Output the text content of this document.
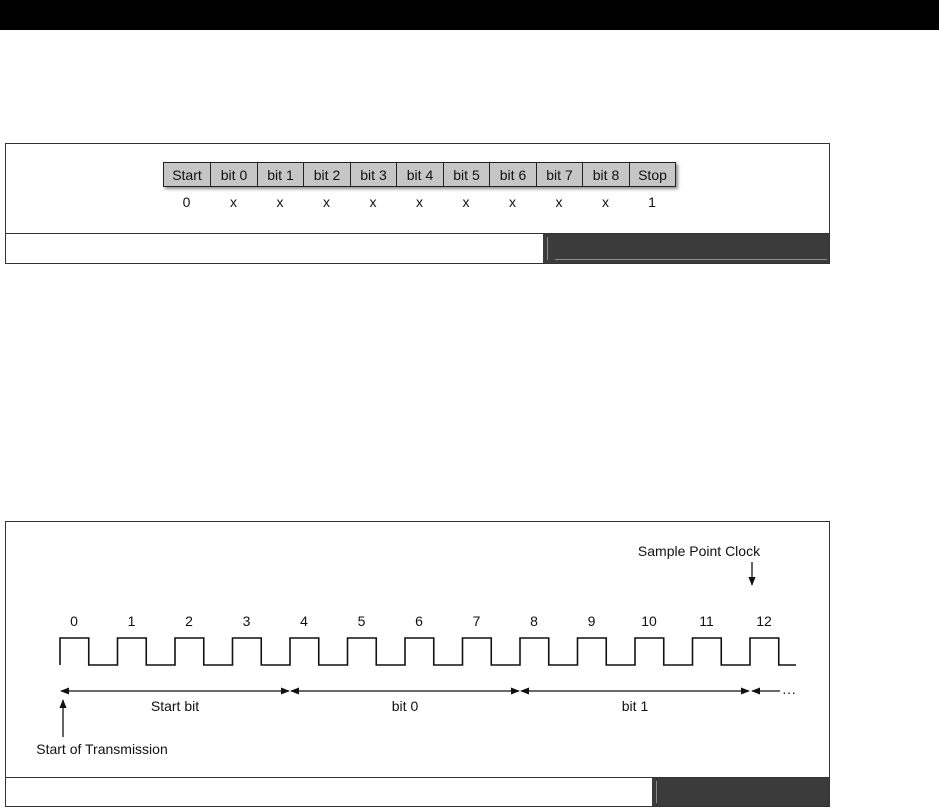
Start	bit 0	bit 1	bit 2	bit 3	bit 4	bit 5	bit 6	bit 7	bit 8	Stop
0	x	x	x	x	x	x	x	x	x	1
Sample Point Clock
0	1	2	3	4	5	6	7	8	9	10	11	12
Start bit	bit 0	bit 1
···
Start of Transmission
